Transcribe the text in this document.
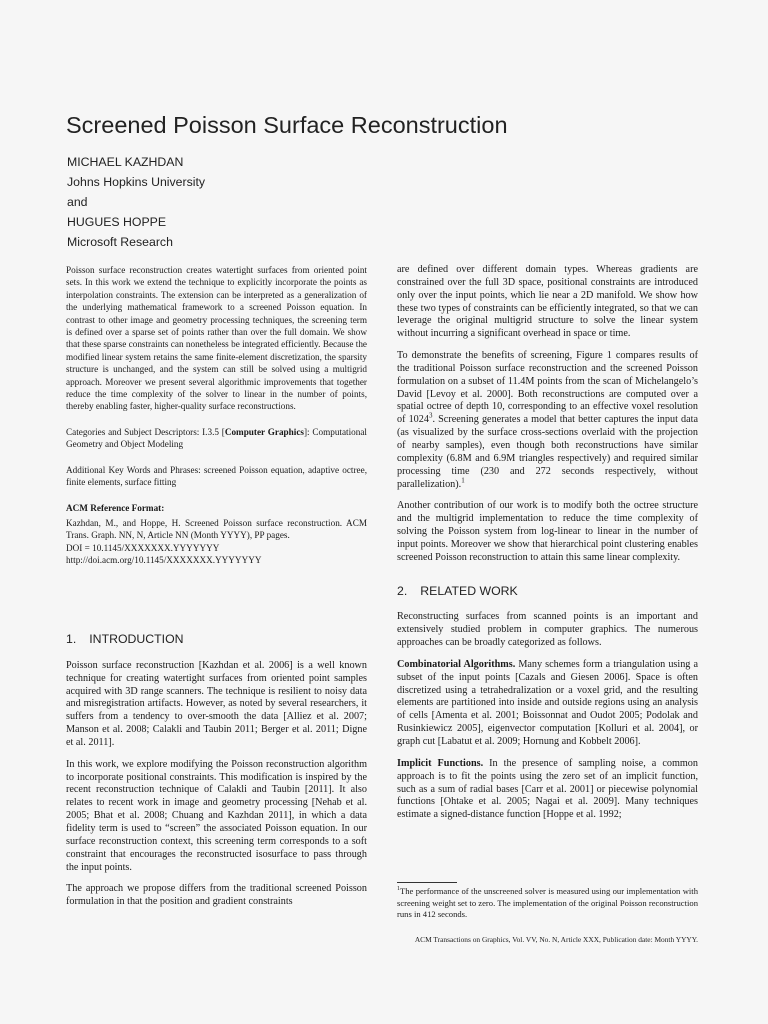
Screened Poisson Surface Reconstruction
MICHAEL KAZHDAN
Johns Hopkins University
and
HUGUES HOPPE
Microsoft Research

Poisson surface reconstruction creates watertight surfaces from oriented point sets. In this work we extend the technique to explicitly incorporate the points as interpolation constraints. The extension can be interpreted as a generalization of the underlying mathematical framework to a screened Poisson equation. In contrast to other image and geometry processing techniques, the screening term is defined over a sparse set of points rather than over the full domain. We show that these sparse constraints can nonetheless be integrated efficiently. Because the modified linear system retains the same finite-element discretization, the sparsity structure is unchanged, and the system can still be solved using a multigrid approach. Moreover we present several algorithmic improvements that together reduce the time complexity of the solver to linear in the number of points, thereby enabling faster, higher-quality surface reconstructions.

Categories and Subject Descriptors: I.3.5 [Computer Graphics]: Computational Geometry and Object Modeling

Additional Key Words and Phrases: screened Poisson equation, adaptive octree, finite elements, surface fitting

ACM Reference Format:

Kazhdan, M., and Hoppe, H. Screened Poisson surface reconstruction. ACM Trans. Graph. NN, N, Article NN (Month YYYY), PP pages.

DOI = 10.1145/XXXXXXX.YYYYYYY

http://doi.acm.org/10.1145/XXXXXXX.YYYYYYY

1. INTRODUCTION

Poisson surface reconstruction [Kazhdan et al. 2006] is a well known technique for creating watertight surfaces from oriented point samples acquired with 3D range scanners. The technique is resilient to noisy data and misregistration artifacts. However, as noted by several researchers, it suffers from a tendency to over-smooth the data [Alliez et al. 2007; Manson et al. 2008; Calakli and Taubin 2011; Berger et al. 2011; Digne et al. 2011].

In this work, we explore modifying the Poisson reconstruction algorithm to incorporate positional constraints. This modification is inspired by the recent reconstruction technique of Calakli and Taubin [2011]. It also relates to recent work in image and geometry processing [Nehab et al. 2005; Bhat et al. 2008; Chuang and Kazhdan 2011], in which a data fidelity term is used to “screen” the associated Poisson equation. In our surface reconstruction context, this screening term corresponds to a soft constraint that encourages the reconstructed isosurface to pass through the input points.

The approach we propose differs from the traditional screened Poisson formulation in that the position and gradient constraints

are defined over different domain types. Whereas gradients are constrained over the full 3D space, positional constraints are introduced only over the input points, which lie near a 2D manifold. We show how these two types of constraints can be efficiently integrated, so that we can leverage the original multigrid structure to solve the linear system without incurring a significant overhead in space or time.

To demonstrate the benefits of screening, Figure 1 compares results of the traditional Poisson surface reconstruction and the screened Poisson formulation on a subset of 11.4M points from the scan of Michelangelo’s David [Levoy et al. 2000]. Both reconstructions are computed over a spatial octree of depth 10, corresponding to an effective voxel resolution of 1024$^3$. Screening generates a model that better captures the input data (as visualized by the surface cross-sections overlaid with the projection of nearby samples), even though both reconstructions have similar complexity (6.8M and 6.9M triangles respectively) and required similar processing time (230 and 272 seconds respectively, without parallelization).$^1$

Another contribution of our work is to modify both the octree structure and the multigrid implementation to reduce the time complexity of solving the Poisson system from log-linear to linear in the number of input points. Moreover we show that hierarchical point clustering enables screened Poisson reconstruction to attain this same linear complexity.

2. RELATED WORK

Reconstructing surfaces from scanned points is an important and extensively studied problem in computer graphics. The numerous approaches can be broadly categorized as follows.

Combinatorial Algorithms. Many schemes form a triangulation using a subset of the input points [Cazals and Giesen 2006]. Space is often discretized using a tetrahedralization or a voxel grid, and the resulting elements are partitioned into inside and outside regions using an analysis of cells [Amenta et al. 2001; Boissonnat and Oudot 2005; Podolak and Rusinkiewicz 2005], eigenvector computation [Kolluri et al. 2004], or graph cut [Labatut et al. 2009; Hornung and Kobbelt 2006].

Implicit Functions. In the presence of sampling noise, a common approach is to fit the points using the zero set of an implicit function, such as a sum of radial bases [Carr et al. 2001] or piecewise polynomial functions [Ohtake et al. 2005; Nagai et al. 2009]. Many techniques estimate a signed-distance function [Hoppe et al. 1992;

$^1$The performance of the unscreened solver is measured using our implementation with screening weight set to zero. The implementation of the original Poisson reconstruction runs in 412 seconds.
ACM Transactions on Graphics, Vol. VV, No. N, Article XXX, Publication date: Month YYYY.
